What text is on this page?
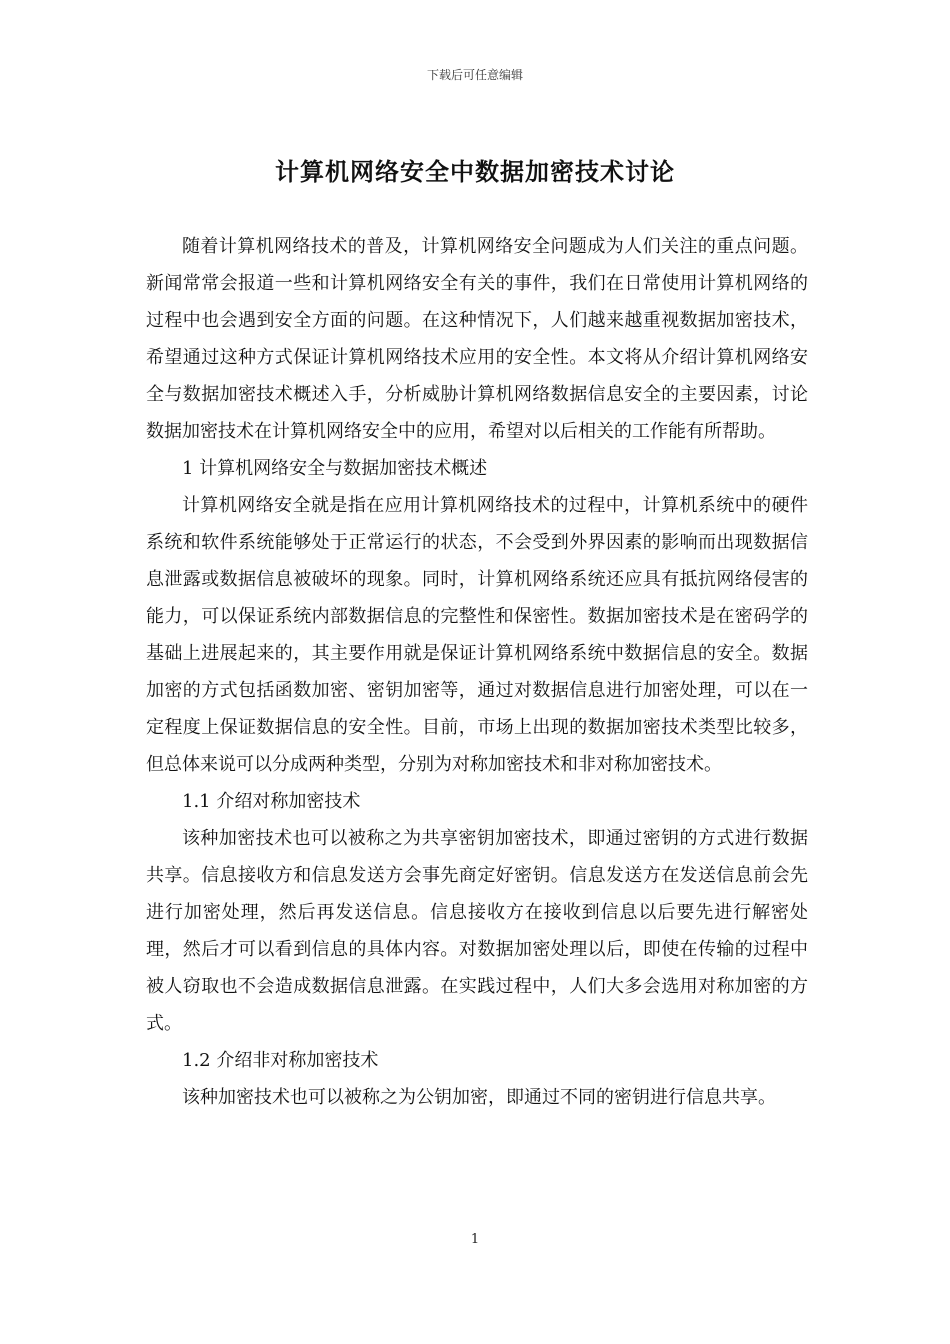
下载后可任意编辑
计算机网络安全中数据加密技术讨论

随着计算机网络技术的普及，计算机网络安全问题成为人们关注的重点问题。新闻常常会报道一些和计算机网络安全有关的事件，我们在日常使用计算机网络的过程中也会遇到安全方面的问题。在这种情况下，人们越来越重视数据加密技术，希望通过这种方式保证计算机网络技术应用的安全性。本文将从介绍计算机网络安全与数据加密技术概述入手，分析威胁计算机网络数据信息安全的主要因素，讨论数据加密技术在计算机网络安全中的应用，希望对以后相关的工作能有所帮助。

1 计算机网络安全与数据加密技术概述

计算机网络安全就是指在应用计算机网络技术的过程中，计算机系统中的硬件系统和软件系统能够处于正常运行的状态，不会受到外界因素的影响而出现数据信息泄露或数据信息被破坏的现象。同时，计算机网络系统还应具有抵抗网络侵害的能力，可以保证系统内部数据信息的完整性和保密性。数据加密技术是在密码学的基础上进展起来的，其主要作用就是保证计算机网络系统中数据信息的安全。数据加密的方式包括函数加密、密钥加密等，通过对数据信息进行加密处理，可以在一定程度上保证数据信息的安全性。目前，市场上出现的数据加密技术类型比较多，但总体来说可以分成两种类型，分别为对称加密技术和非对称加密技术。

1.1 介绍对称加密技术

该种加密技术也可以被称之为共享密钥加密技术，即通过密钥的方式进行数据共享。信息接收方和信息发送方会事先商定好密钥。信息发送方在发送信息前会先进行加密处理，然后再发送信息。信息接收方在接收到信息以后要先进行解密处理，然后才可以看到信息的具体内容。对数据加密处理以后，即使在传输的过程中被人窃取也不会造成数据信息泄露。在实践过程中，人们大多会选用对称加密的方式。

1.2 介绍非对称加密技术

该种加密技术也可以被称之为公钥加密，即通过不同的密钥进行信息共享。

1
